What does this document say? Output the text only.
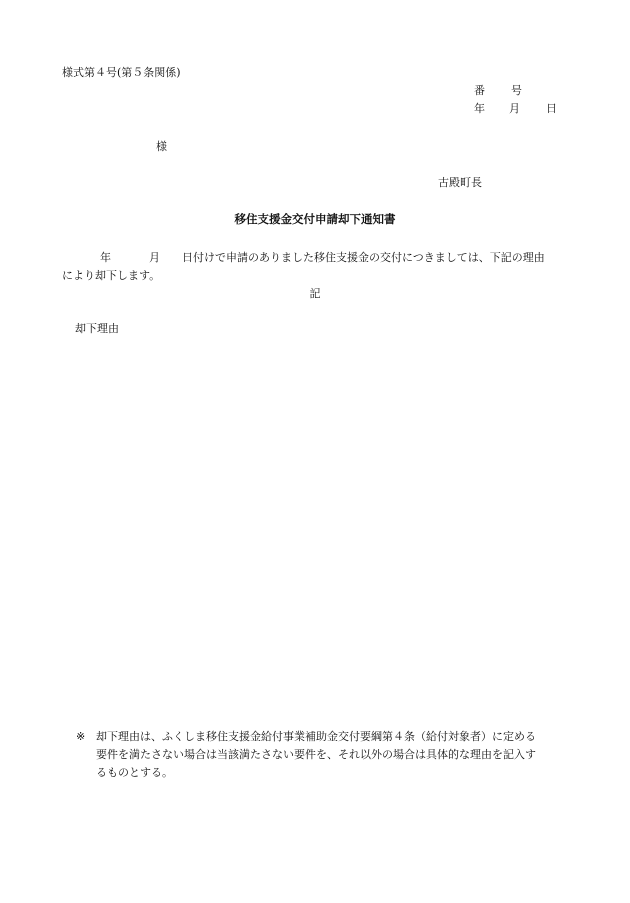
様式第４号(第５条関係)
番 号
年 月 日
様
古殿町長
移住支援金交付申請却下通知書
年	月 日付けで申請のありました移住支援金の交付につきましては、下記の理由
により却下します。
記
却下理由
※ 却下理由は、ふくしま移住支援金給付事業補助金交付要綱第４条（給付対象者）に定める
要件を満たさない場合は当該満たさない要件を、それ以外の場合は具体的な理由を記入す
るものとする。
